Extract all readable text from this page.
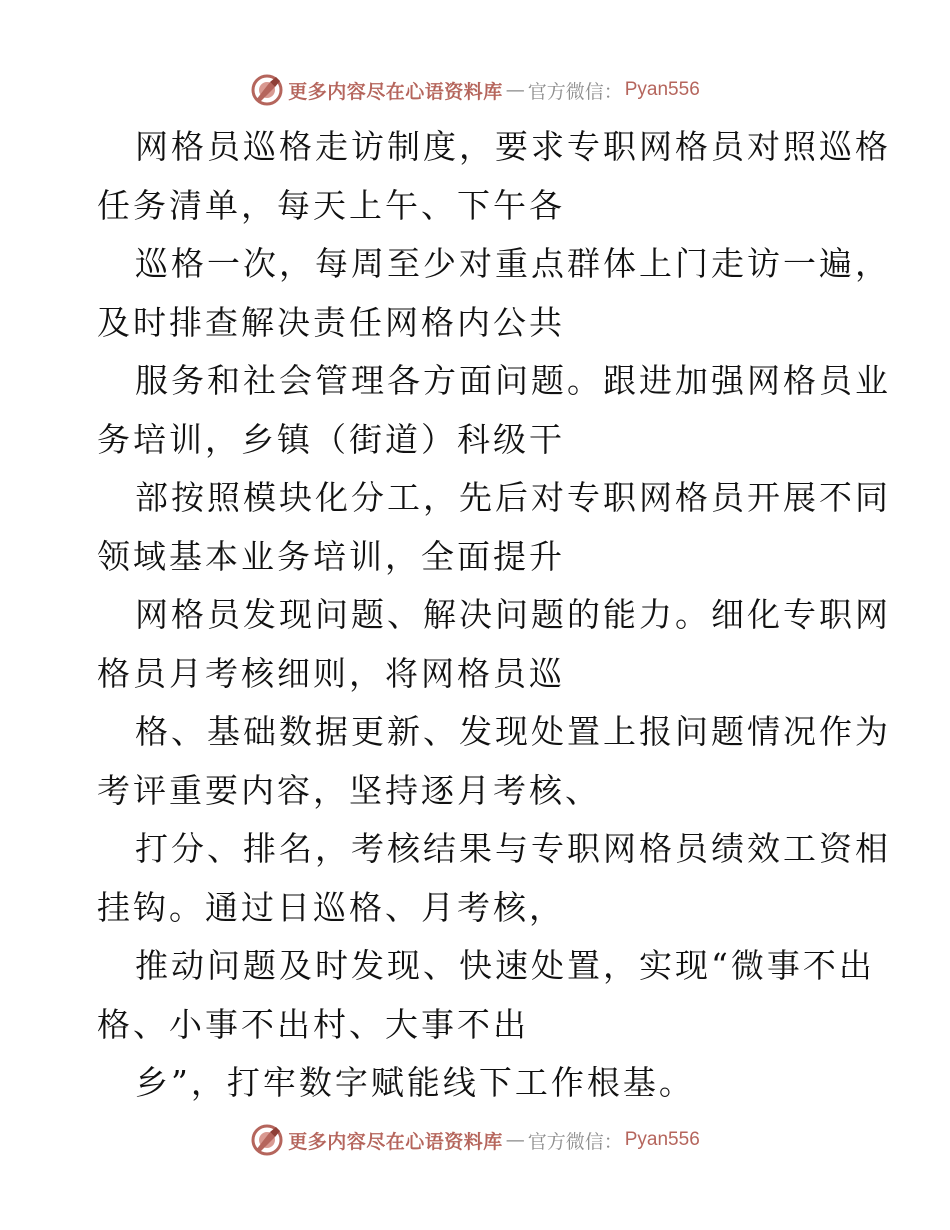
更多内容尽在心语资料库 — 官方微信： Pyan556
网格员巡格走访制度，要求专职网格员对照巡格
任务清单，每天上午、下午各
巡格一次，每周至少对重点群体上门走访一遍，
及时排查解决责任网格内公共
服务和社会管理各方面问题。跟进加强网格员业
务培训，乡镇（街道）科级干
部按照模块化分工，先后对专职网格员开展不同
领域基本业务培训，全面提升
网格员发现问题、解决问题的能力。细化专职网
格员月考核细则，将网格员巡
格、基础数据更新、发现处置上报问题情况作为
考评重要内容，坚持逐月考核、
打分、排名，考核结果与专职网格员绩效工资相
挂钩。通过日巡格、月考核，
推动问题及时发现、快速处置，实现“微事不出
格、小事不出村、大事不出
乡”，打牢数字赋能线下工作根基。
更多内容尽在心语资料库 — 官方微信： Pyan556
